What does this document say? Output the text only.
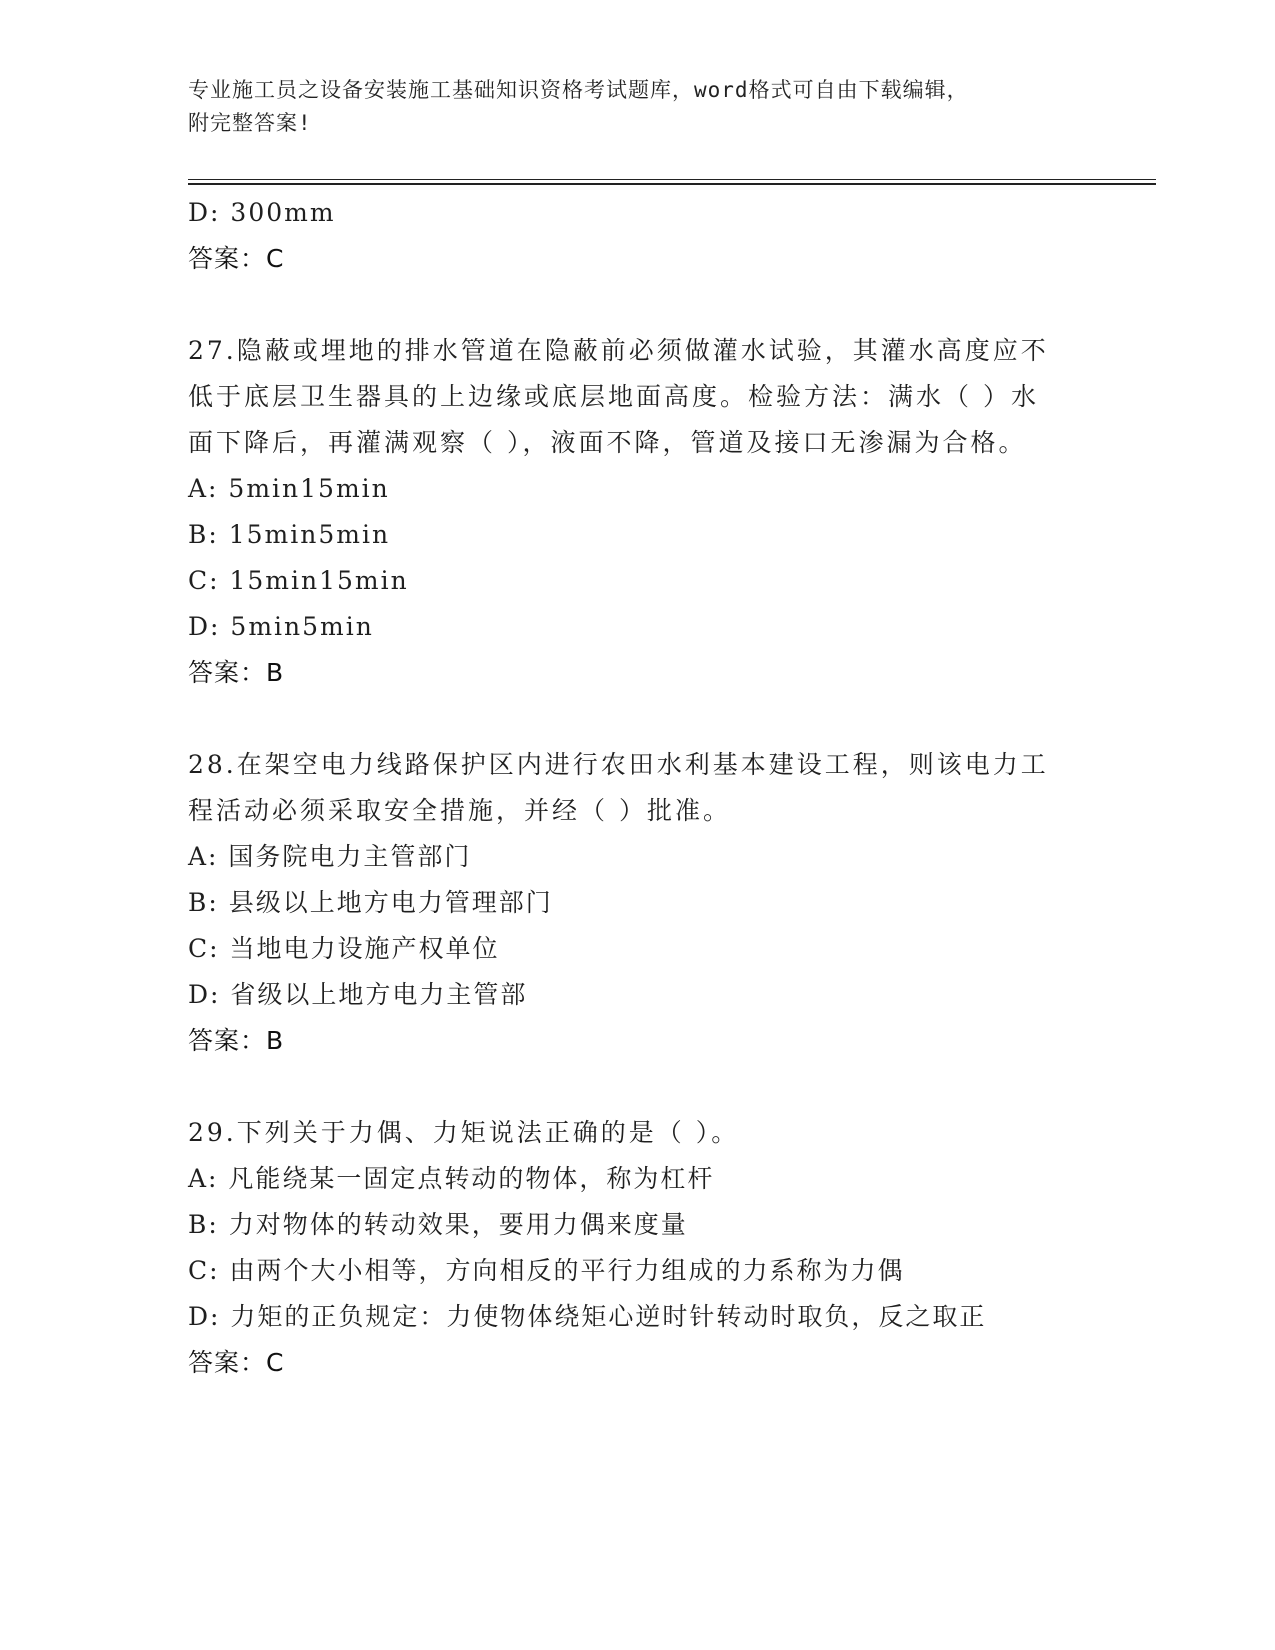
专业施工员之设备安装施工基础知识资格考试题库，word格式可自由下载编辑，
附完整答案!
D: 300mm
答案：C
27.隐蔽或埋地的排水管道在隐蔽前必须做灌水试验，其灌水高度应不
低于底层卫生器具的上边缘或底层地面高度。检验方法：满水（ ）水
面下降后，再灌满观察（ ），液面不降，管道及接口无渗漏为合格。
A: 5min15min
B: 15min5min
C: 15min15min
D: 5min5min
答案：B
28.在架空电力线路保护区内进行农田水利基本建设工程，则该电力工
程活动必须采取安全措施，并经（ ）批准。
A: 国务院电力主管部门
B: 县级以上地方电力管理部门
C: 当地电力设施产权单位
D: 省级以上地方电力主管部
答案：B
29.下列关于力偶、力矩说法正确的是（ ）。
A: 凡能绕某一固定点转动的物体，称为杠杆
B: 力对物体的转动效果，要用力偶来度量
C: 由两个大小相等，方向相反的平行力组成的力系称为力偶
D: 力矩的正负规定：力使物体绕矩心逆时针转动时取负，反之取正
答案：C
